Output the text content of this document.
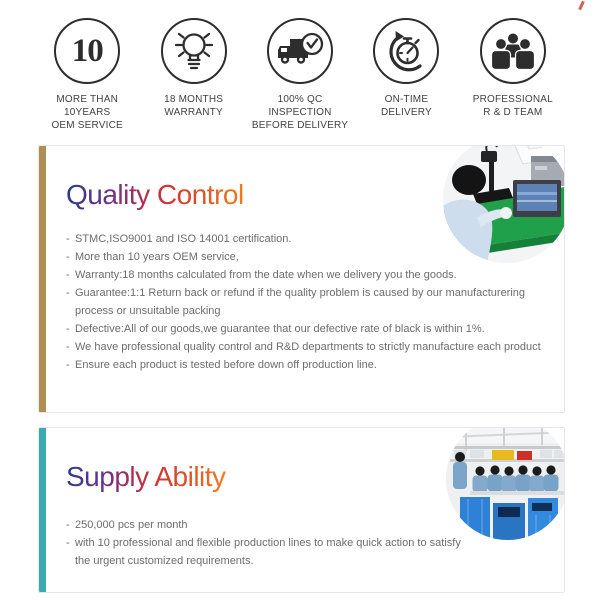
10
MORE THAN 10YEARS
OEM SERVICE
18 MONTHS
WARRANTY
100% QC INSPECTION
BEFORE DELIVERY
ON-TIME
DELIVERY
PROFESSIONAL
R & D TEAM
Quality Control
- STMC,ISO9001 and ISO 14001 certification.
- More than 10 years OEM service,
- Warranty:18 months calculated from the date when we delivery you the goods.
- Guarantee:1:1 Return back or refund if the quality problem is caused by our manufacturering
process or unsuitable packing
- Defective:All of our goods,we guarantee that our defective rate of black is within 1%.
- We have professional quality control and R&D departments to strictly manufacture each product
- Ensure each product is tested before down off production line.
Supply Ability
- 250,000 pcs per month
- with 10 professional and flexible production lines to make quick action to satisfy
the urgent customized requirements.
